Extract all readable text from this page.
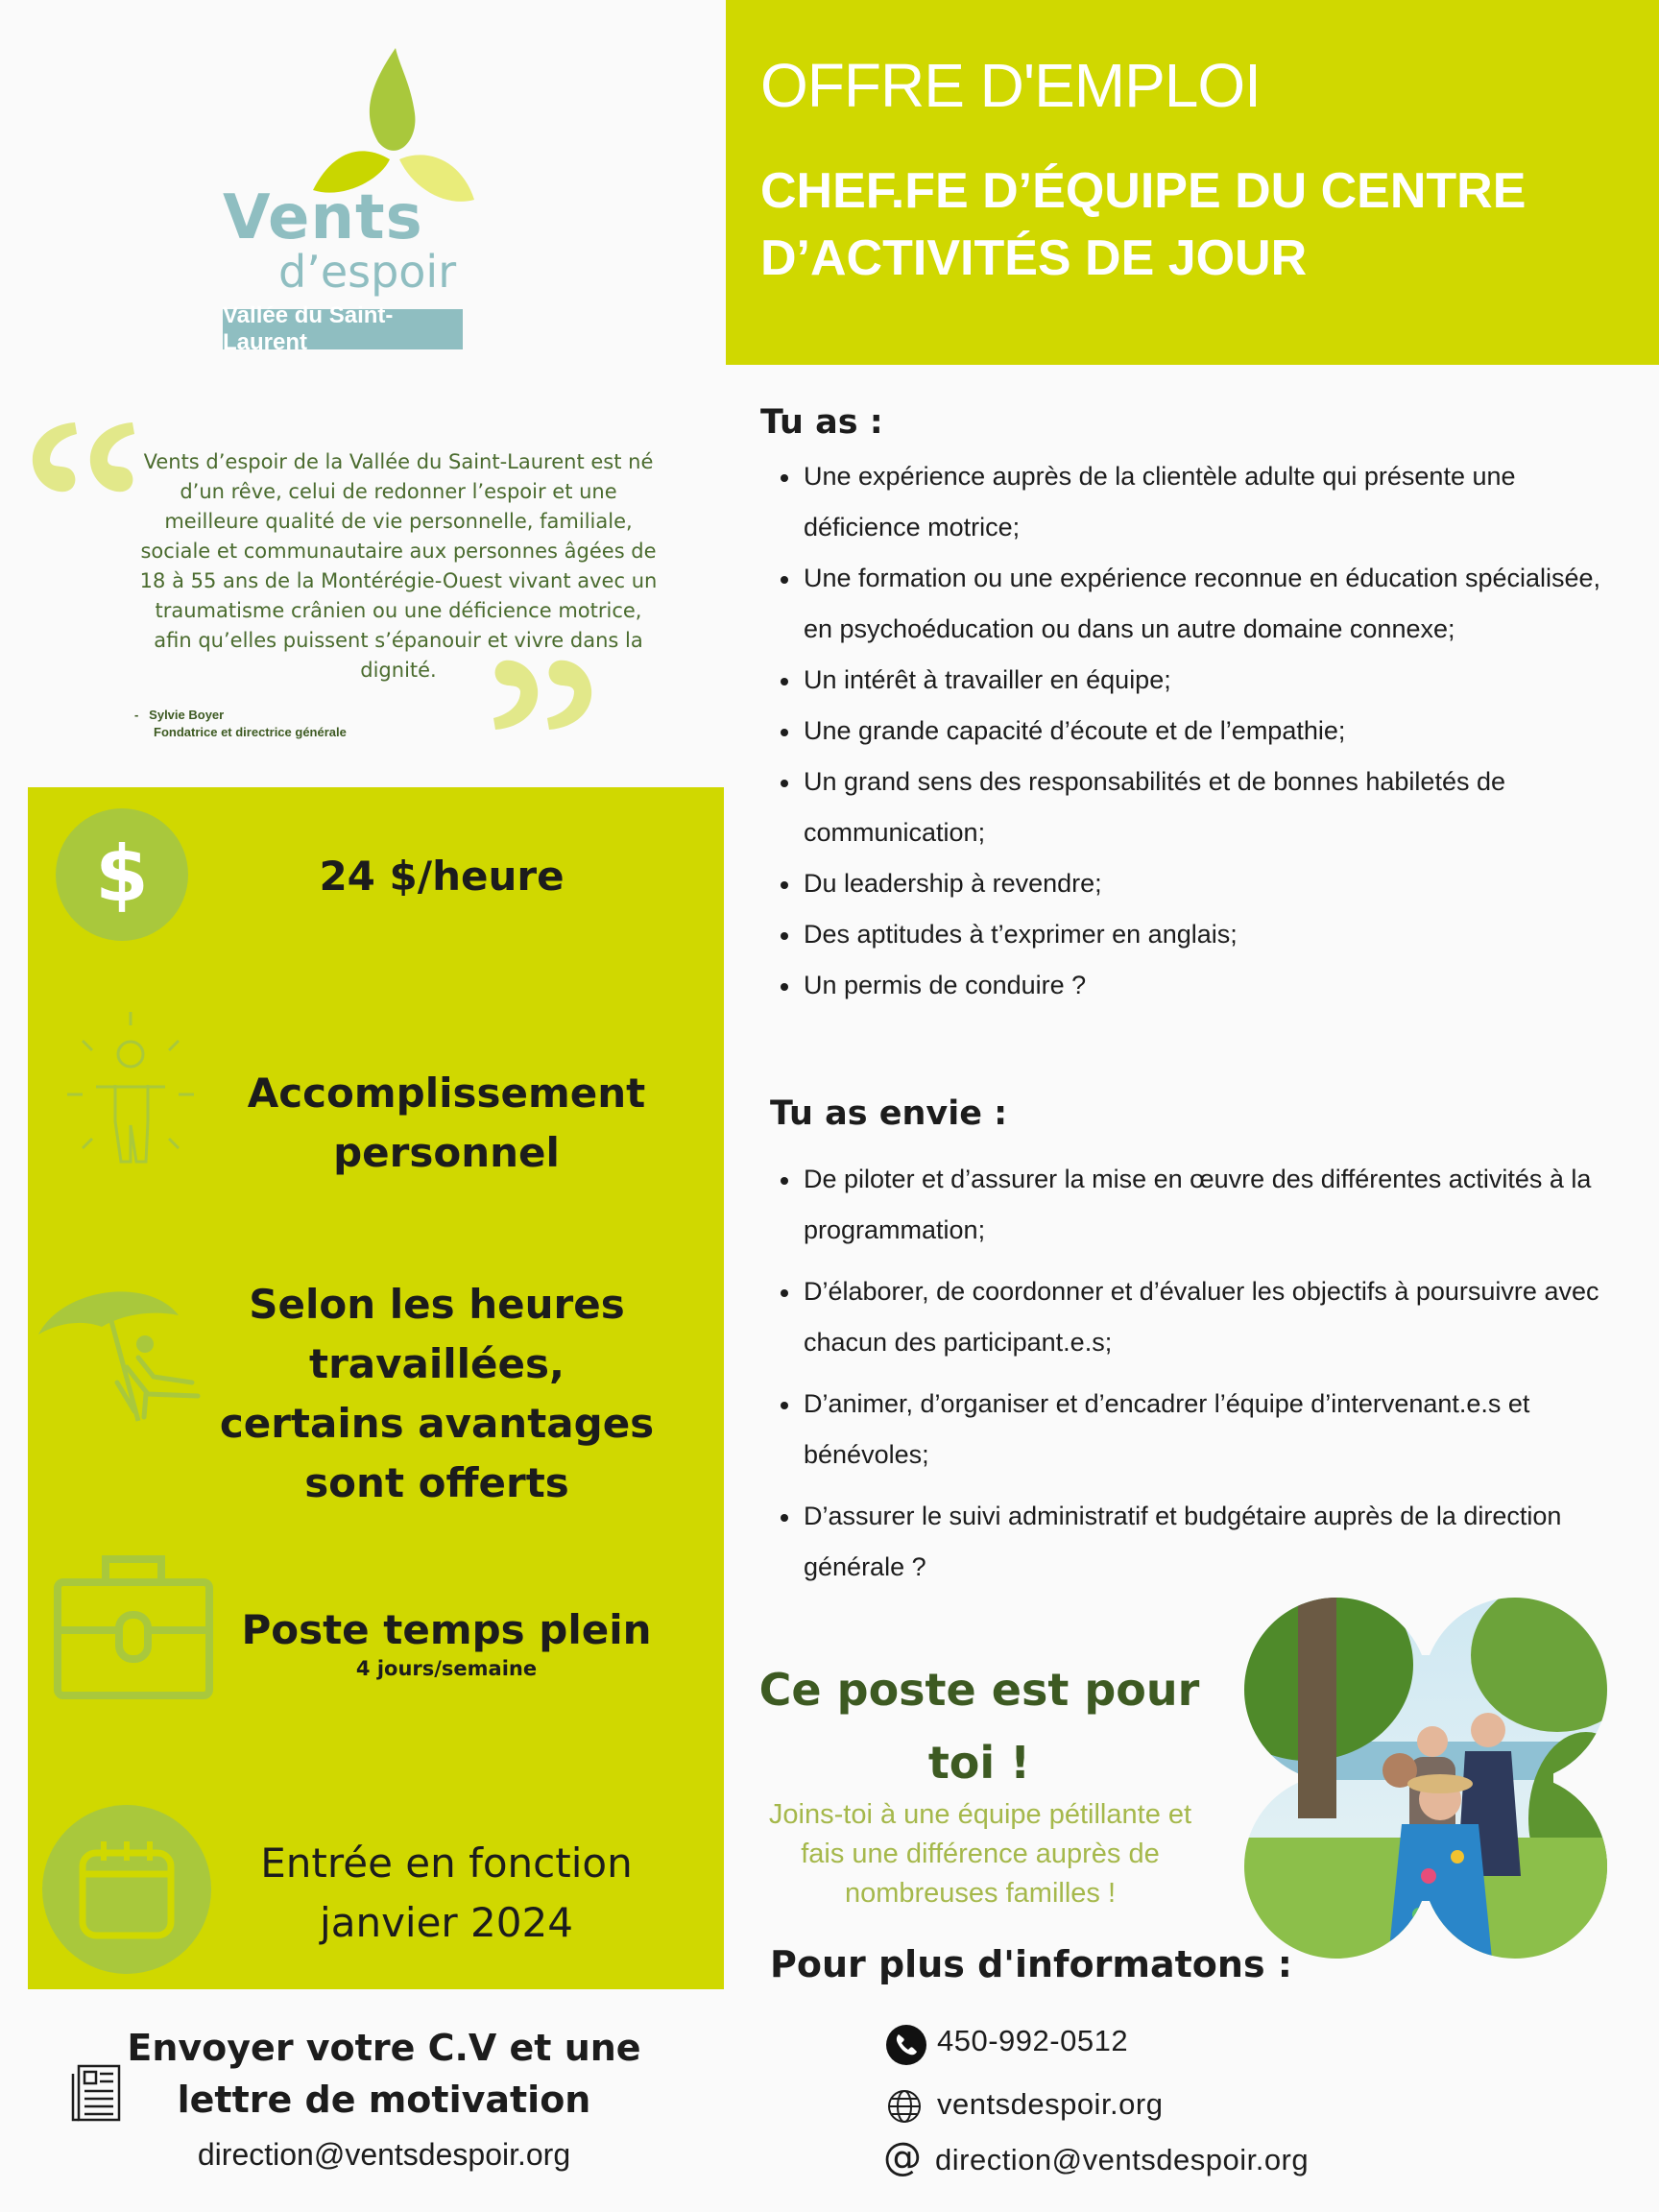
OFFRE D'EMPLOI
CHEF.FE D’ÉQUIPE DU CENTRE D’ACTIVITÉS DE JOUR
Vents
d’espoir
Vallée du Saint-Laurent

Vents d’espoir de la Vallée du Saint-Laurent est né d’un rêve, celui de redonner l’espoir et une meilleure qualité de vie personnelle, familiale, sociale et communautaire aux personnes âgées de 18 à 55 ans de la Montérégie-Ouest vivant avec un traumatisme crânien ou une déficience motrice, afin qu’elles puissent s’épanouir et vivre dans la dignité.

-   Sylvie Boyer
Fondatrice et directrice générale
$	24 $/heure
Accomplissement personnel
Selon les heures travaillées, certains avantages sont offerts
Poste temps plein
4 jours/semaine
Entrée en fonction janvier 2024
Envoyer votre C.V et une lettre de motivation
direction@ventsdespoir.org
Tu as :
Une expérience auprès de la clientèle adulte qui présente une déficience motrice;
Une formation ou une expérience reconnue en éducation spécialisée, en psychoéducation ou dans un autre domaine connexe;
Un intérêt à travailler en équipe;
Une grande capacité d’écoute et de l’empathie;
Un grand sens des responsabilités et de bonnes habiletés de communication;
Du leadership à revendre;
Des aptitudes à t’exprimer en anglais;
Un permis de conduire ?
Tu as envie :
De piloter et d’assurer la mise en œuvre des différentes activités à la programmation;
D’élaborer, de coordonner et d’évaluer les objectifs à poursuivre avec chacun des participant.e.s;
D’animer, d’organiser et d’encadrer l’équipe d’intervenant.e.s et bénévoles;
D’assurer le suivi administratif et budgétaire auprès de la direction générale ?
Ce poste est pour toi !
Joins-toi à une équipe pétillante et fais une différence auprès de nombreuses familles !
Pour plus d'informatons :
450-992-0512
ventsdespoir.org
@ direction@ventsdespoir.org
